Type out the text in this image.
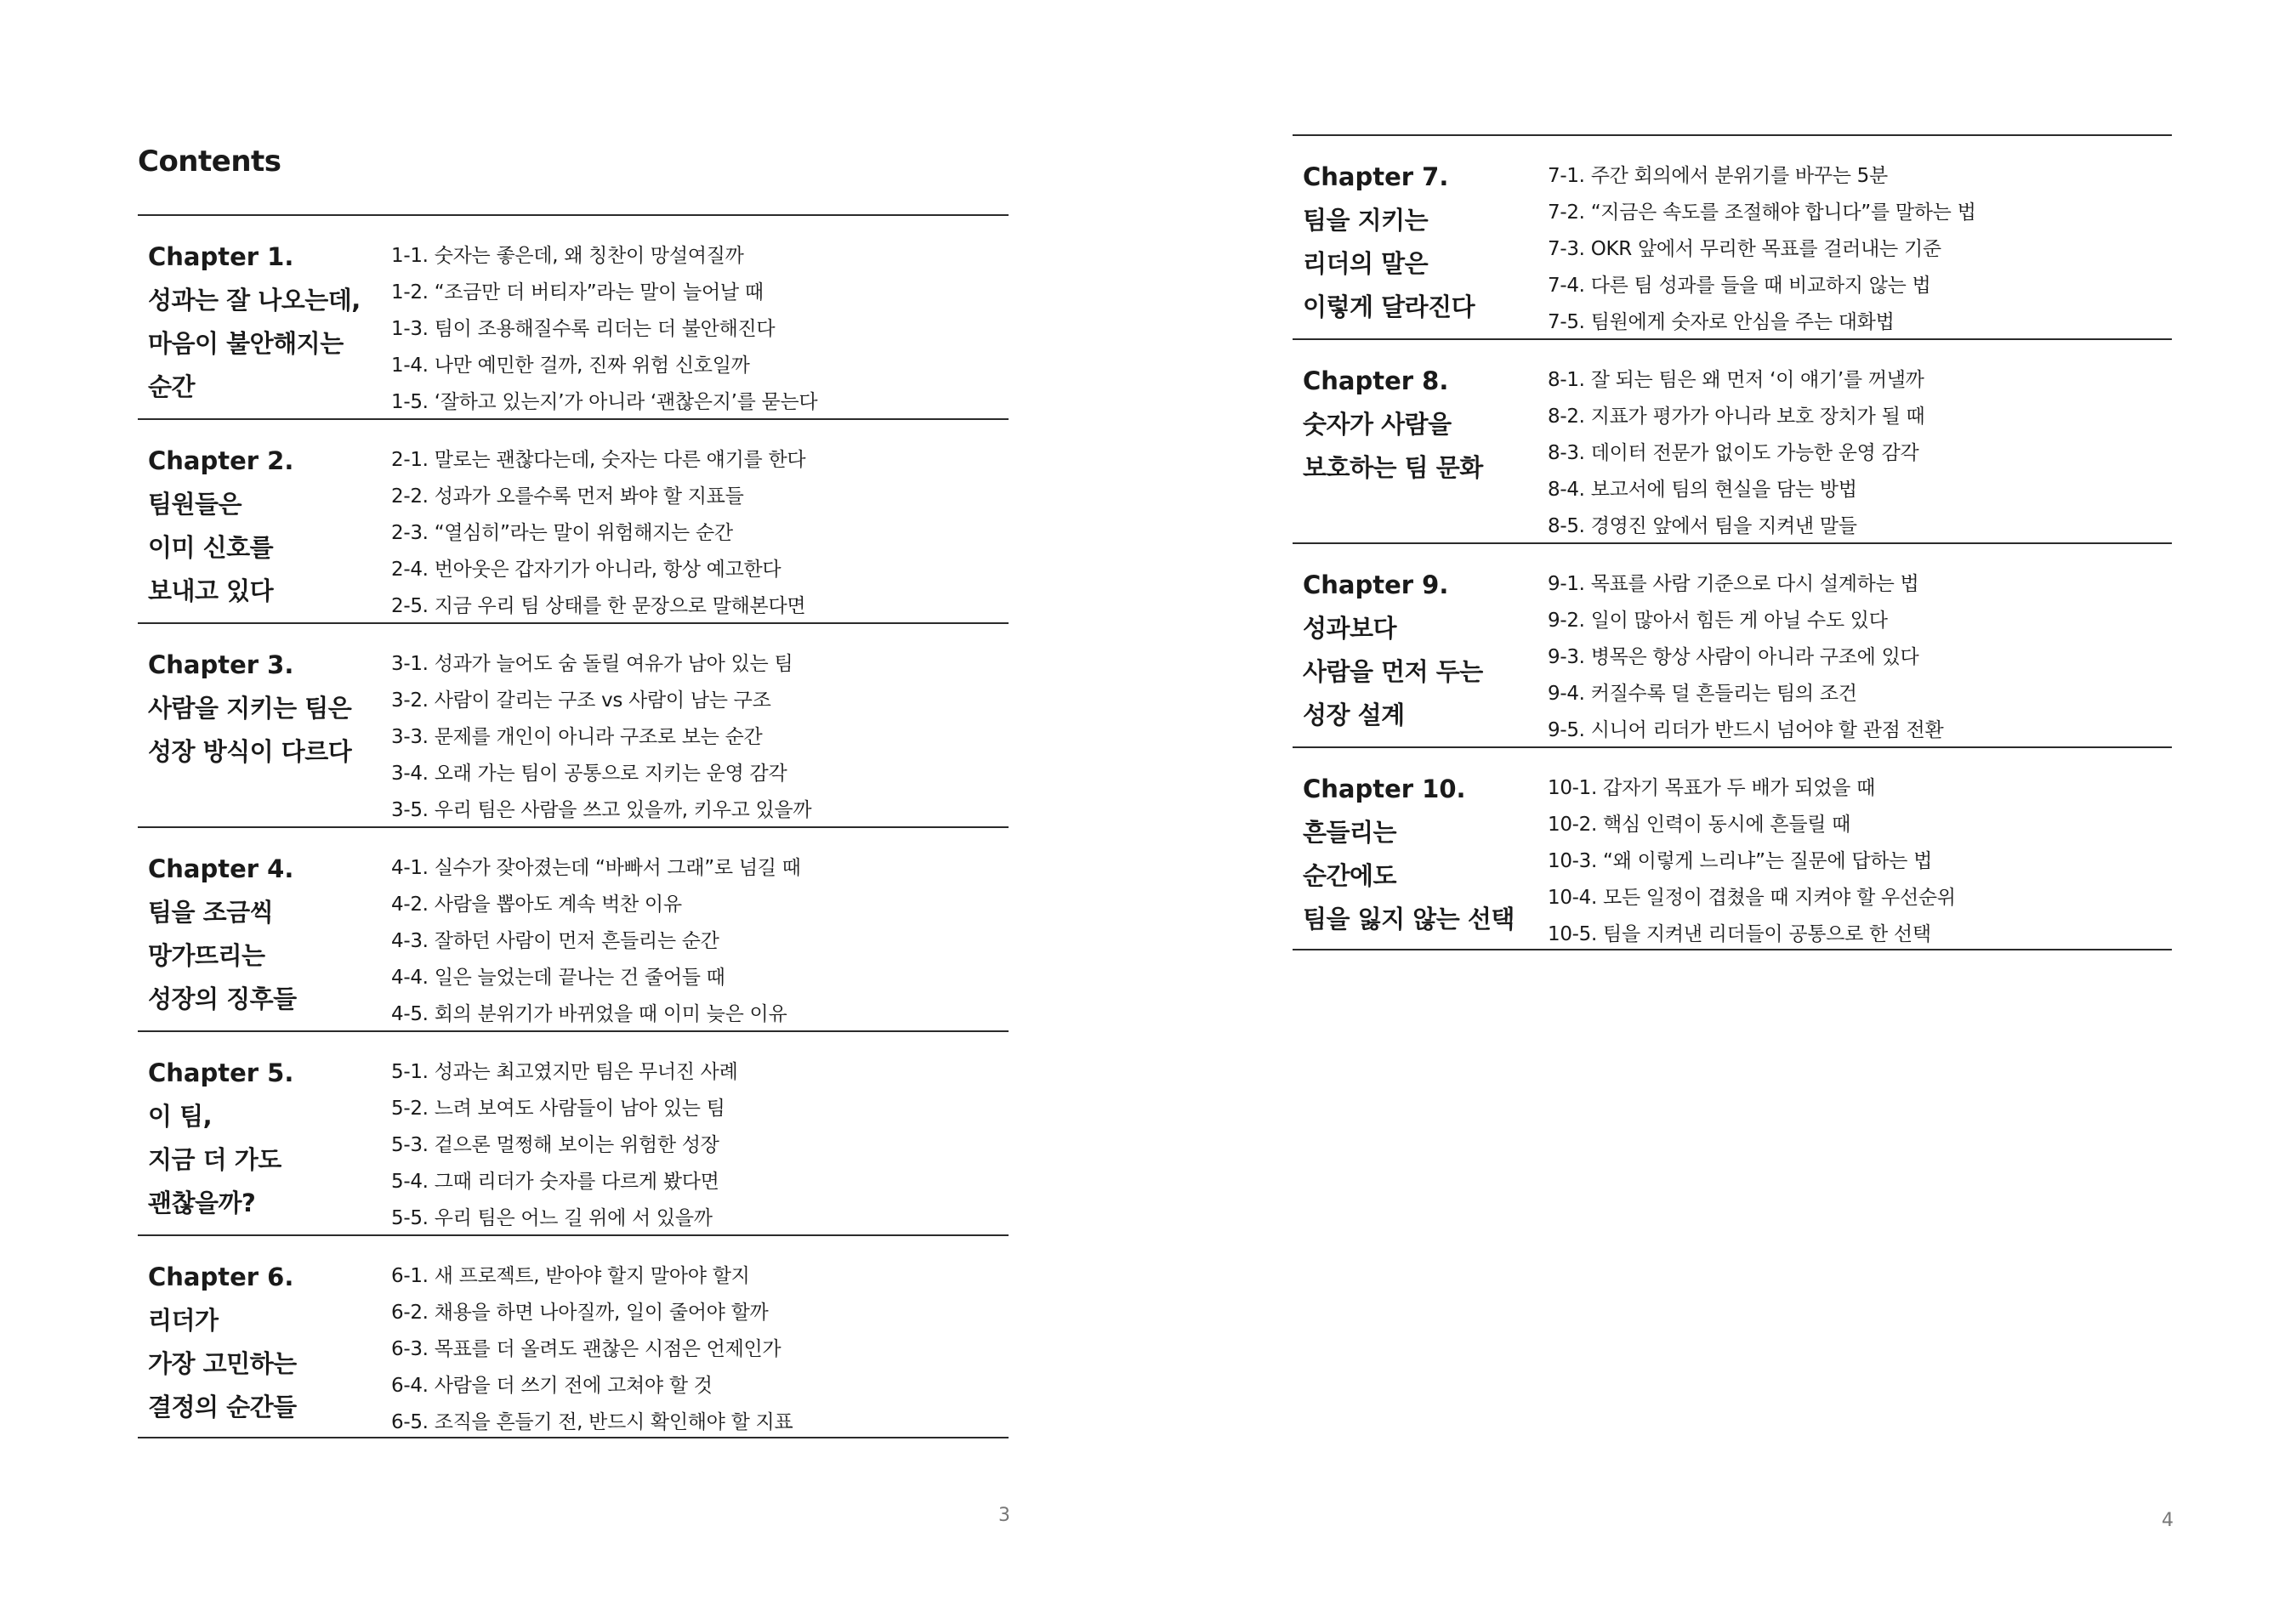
Contents
Chapter 1.
성과는 잘 나오는데,
마음이 불안해지는
순간
1-1. 숫자는 좋은데, 왜 칭찬이 망설여질까
1-2. “조금만 더 버티자”라는 말이 늘어날 때
1-3. 팀이 조용해질수록 리더는 더 불안해진다
1-4. 나만 예민한 걸까, 진짜 위험 신호일까
1-5. ‘잘하고 있는지’가 아니라 ‘괜찮은지’를 묻는다
Chapter 2.
팀원들은
이미 신호를
보내고 있다
2-1. 말로는 괜찮다는데, 숫자는 다른 얘기를 한다
2-2. 성과가 오를수록 먼저 봐야 할 지표들
2-3. “열심히”라는 말이 위험해지는 순간
2-4. 번아웃은 갑자기가 아니라, 항상 예고한다
2-5. 지금 우리 팀 상태를 한 문장으로 말해본다면
Chapter 3.
사람을 지키는 팀은
성장 방식이 다르다
3-1. 성과가 늘어도 숨 돌릴 여유가 남아 있는 팀
3-2. 사람이 갈리는 구조 vs 사람이 남는 구조
3-3. 문제를 개인이 아니라 구조로 보는 순간
3-4. 오래 가는 팀이 공통으로 지키는 운영 감각
3-5. 우리 팀은 사람을 쓰고 있을까, 키우고 있을까
Chapter 4.
팀을 조금씩
망가뜨리는
성장의 징후들
4-1. 실수가 잦아졌는데 “바빠서 그래”로 넘길 때
4-2. 사람을 뽑아도 계속 벅찬 이유
4-3. 잘하던 사람이 먼저 흔들리는 순간
4-4. 일은 늘었는데 끝나는 건 줄어들 때
4-5. 회의 분위기가 바뀌었을 때 이미 늦은 이유
Chapter 5.
이 팀,
지금 더 가도
괜찮을까?
5-1. 성과는 최고였지만 팀은 무너진 사례
5-2. 느려 보여도 사람들이 남아 있는 팀
5-3. 겉으론 멀쩡해 보이는 위험한 성장
5-4. 그때 리더가 숫자를 다르게 봤다면
5-5. 우리 팀은 어느 길 위에 서 있을까
Chapter 6.
리더가
가장 고민하는
결정의 순간들
6-1. 새 프로젝트, 받아야 할지 말아야 할지
6-2. 채용을 하면 나아질까, 일이 줄어야 할까
6-3. 목표를 더 올려도 괜찮은 시점은 언제인가
6-4. 사람을 더 쓰기 전에 고쳐야 할 것
6-5. 조직을 흔들기 전, 반드시 확인해야 할 지표
3
Chapter 7.
팀을 지키는
리더의 말은
이렇게 달라진다
7-1. 주간 회의에서 분위기를 바꾸는 5분
7-2. “지금은 속도를 조절해야 합니다”를 말하는 법
7-3. OKR 앞에서 무리한 목표를 걸러내는 기준
7-4. 다른 팀 성과를 들을 때 비교하지 않는 법
7-5. 팀원에게 숫자로 안심을 주는 대화법
Chapter 8.
숫자가 사람을
보호하는 팀 문화
8-1. 잘 되는 팀은 왜 먼저 ‘이 얘기’를 꺼낼까
8-2. 지표가 평가가 아니라 보호 장치가 될 때
8-3. 데이터 전문가 없이도 가능한 운영 감각
8-4. 보고서에 팀의 현실을 담는 방법
8-5. 경영진 앞에서 팀을 지켜낸 말들
Chapter 9.
성과보다
사람을 먼저 두는
성장 설계
9-1. 목표를 사람 기준으로 다시 설계하는 법
9-2. 일이 많아서 힘든 게 아닐 수도 있다
9-3. 병목은 항상 사람이 아니라 구조에 있다
9-4. 커질수록 덜 흔들리는 팀의 조건
9-5. 시니어 리더가 반드시 넘어야 할 관점 전환
Chapter 10.
흔들리는
순간에도
팀을 잃지 않는 선택
10-1. 갑자기 목표가 두 배가 되었을 때
10-2. 핵심 인력이 동시에 흔들릴 때
10-3. “왜 이렇게 느리냐”는 질문에 답하는 법
10-4. 모든 일정이 겹쳤을 때 지켜야 할 우선순위
10-5. 팀을 지켜낸 리더들이 공통으로 한 선택
4
